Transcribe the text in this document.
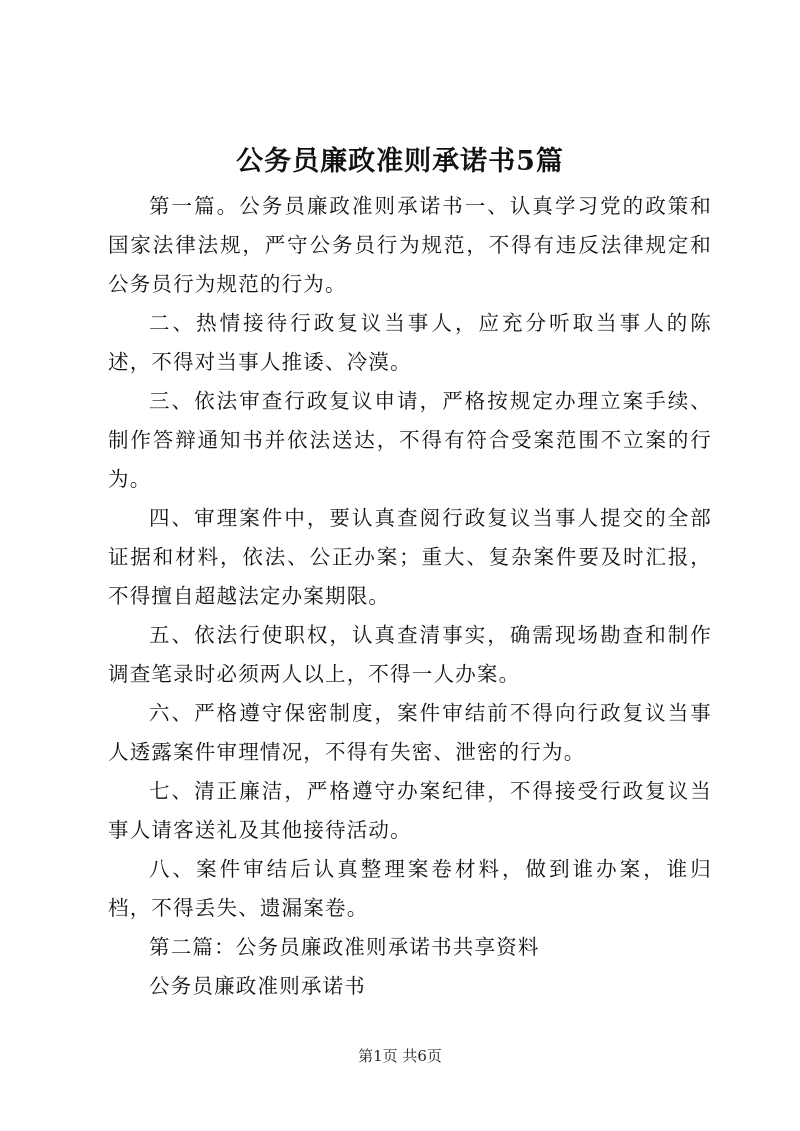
公务员廉政准则承诺书5篇

第一篇。公务员廉政准则承诺书一、认真学习党的政策和国家法律法规，严守公务员行为规范，不得有违反法律规定和公务员行为规范的行为。

二、热情接待行政复议当事人，应充分听取当事人的陈述，不得对当事人推诿、冷漠。

三、依法审查行政复议申请，严格按规定办理立案手续、制作答辩通知书并依法送达，不得有符合受案范围不立案的行为。

四、审理案件中，要认真查阅行政复议当事人提交的全部证据和材料，依法、公正办案；重大、复杂案件要及时汇报，不得擅自超越法定办案期限。

五、依法行使职权，认真查清事实，确需现场勘查和制作调查笔录时必须两人以上，不得一人办案。

六、严格遵守保密制度，案件审结前不得向行政复议当事人透露案件审理情况，不得有失密、泄密的行为。

七、清正廉洁，严格遵守办案纪律，不得接受行政复议当事人请客送礼及其他接待活动。

八、案件审结后认真整理案卷材料，做到谁办案，谁归档，不得丢失、遗漏案卷。

第二篇：公务员廉政准则承诺书共享资料

公务员廉政准则承诺书

第1页 共6页
